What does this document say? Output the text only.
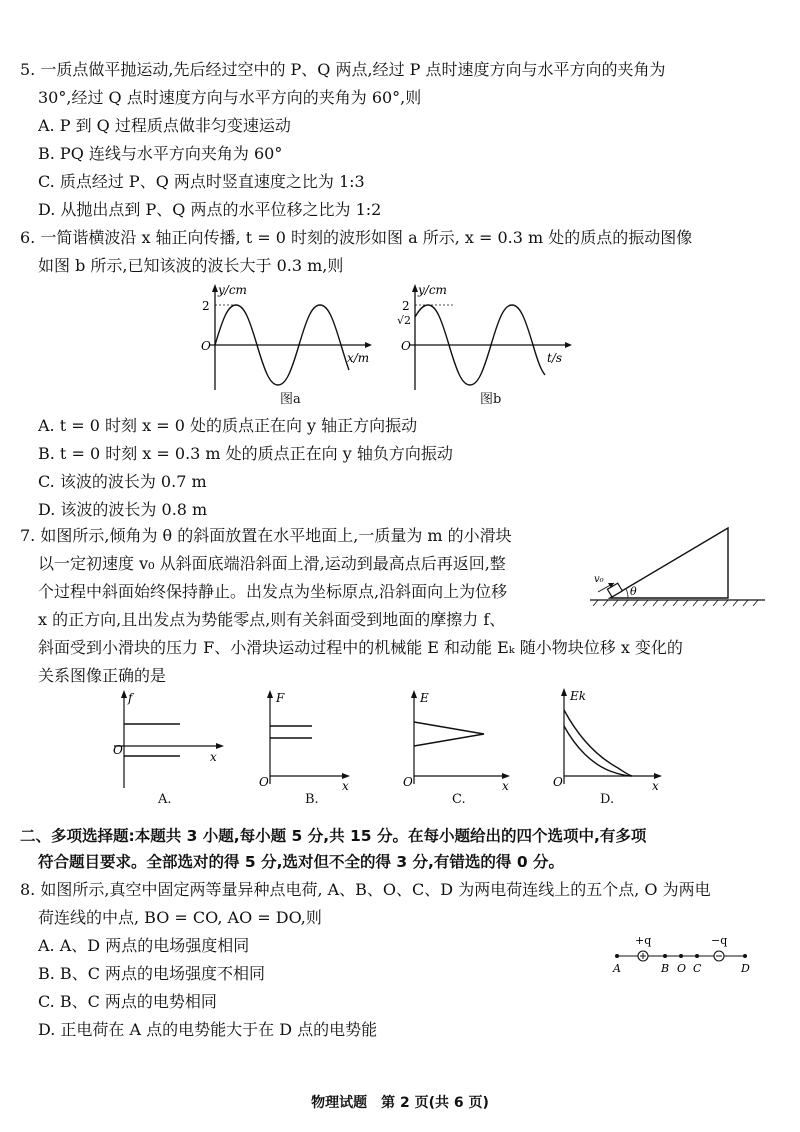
5. 一质点做平抛运动,先后经过空中的 P、Q 两点,经过 P 点时速度方向与水平方向的夹角为
30°,经过 Q 点时速度方向与水平方向的夹角为 60°,则
A. P 到 Q 过程质点做非匀变速运动
B. PQ 连线与水平方向夹角为 60°
C. 质点经过 P、Q 两点时竖直速度之比为 1:3
D. 从抛出点到 P、Q 两点的水平位移之比为 1:2
6. 一简谐横波沿 x 轴正向传播, t = 0 时刻的波形如图 a 所示, x = 0.3 m 处的质点的振动图像
如图 b 所示,已知该波的波长大于 0.3 m,则
y/cm
2
O
x/m
图a
y/cm
2
√2
O
t/s
图b
A. t = 0 时刻 x = 0 处的质点正在向 y 轴正方向振动
B. t = 0 时刻 x = 0.3 m 处的质点正在向 y 轴负方向振动
C. 该波的波长为 0.7 m
D. 该波的波长为 0.8 m
7. 如图所示,倾角为 θ 的斜面放置在水平地面上,一质量为 m 的小滑块
以一定初速度 v₀ 从斜面底端沿斜面上滑,运动到最高点后再返回,整
个过程中斜面始终保持静止。出发点为坐标原点,沿斜面向上为位移
x 的正方向,且出发点为势能零点,则有关斜面受到地面的摩擦力 f、
斜面受到小滑块的压力 F、小滑块运动过程中的机械能 E 和动能 Eₖ 随小物块位移 x 变化的
关系图像正确的是
v₀
θ
f
O	x
A.
F
O	x
B.
E
O	x
C.
Ek
O	x
D.
二、多项选择题:本题共 3 小题,每小题 5 分,共 15 分。在每小题给出的四个选项中,有多项
符合题目要求。全部选对的得 5 分,选对但不全的得 3 分,有错选的得 0 分。
8. 如图所示,真空中固定两等量异种点电荷, A、B、O、C、D 为两电荷连线上的五个点, O 为两电
荷连线的中点, BO = CO, AO = DO,则
A. A、D 两点的电场强度相同
B. B、C 两点的电场强度不相同
C. B、C 两点的电势相同
D. 正电荷在 A 点的电势能大于在 D 点的电势能
+q	−q
A	B O C	D
物理试题　第 2 页(共 6 页)
